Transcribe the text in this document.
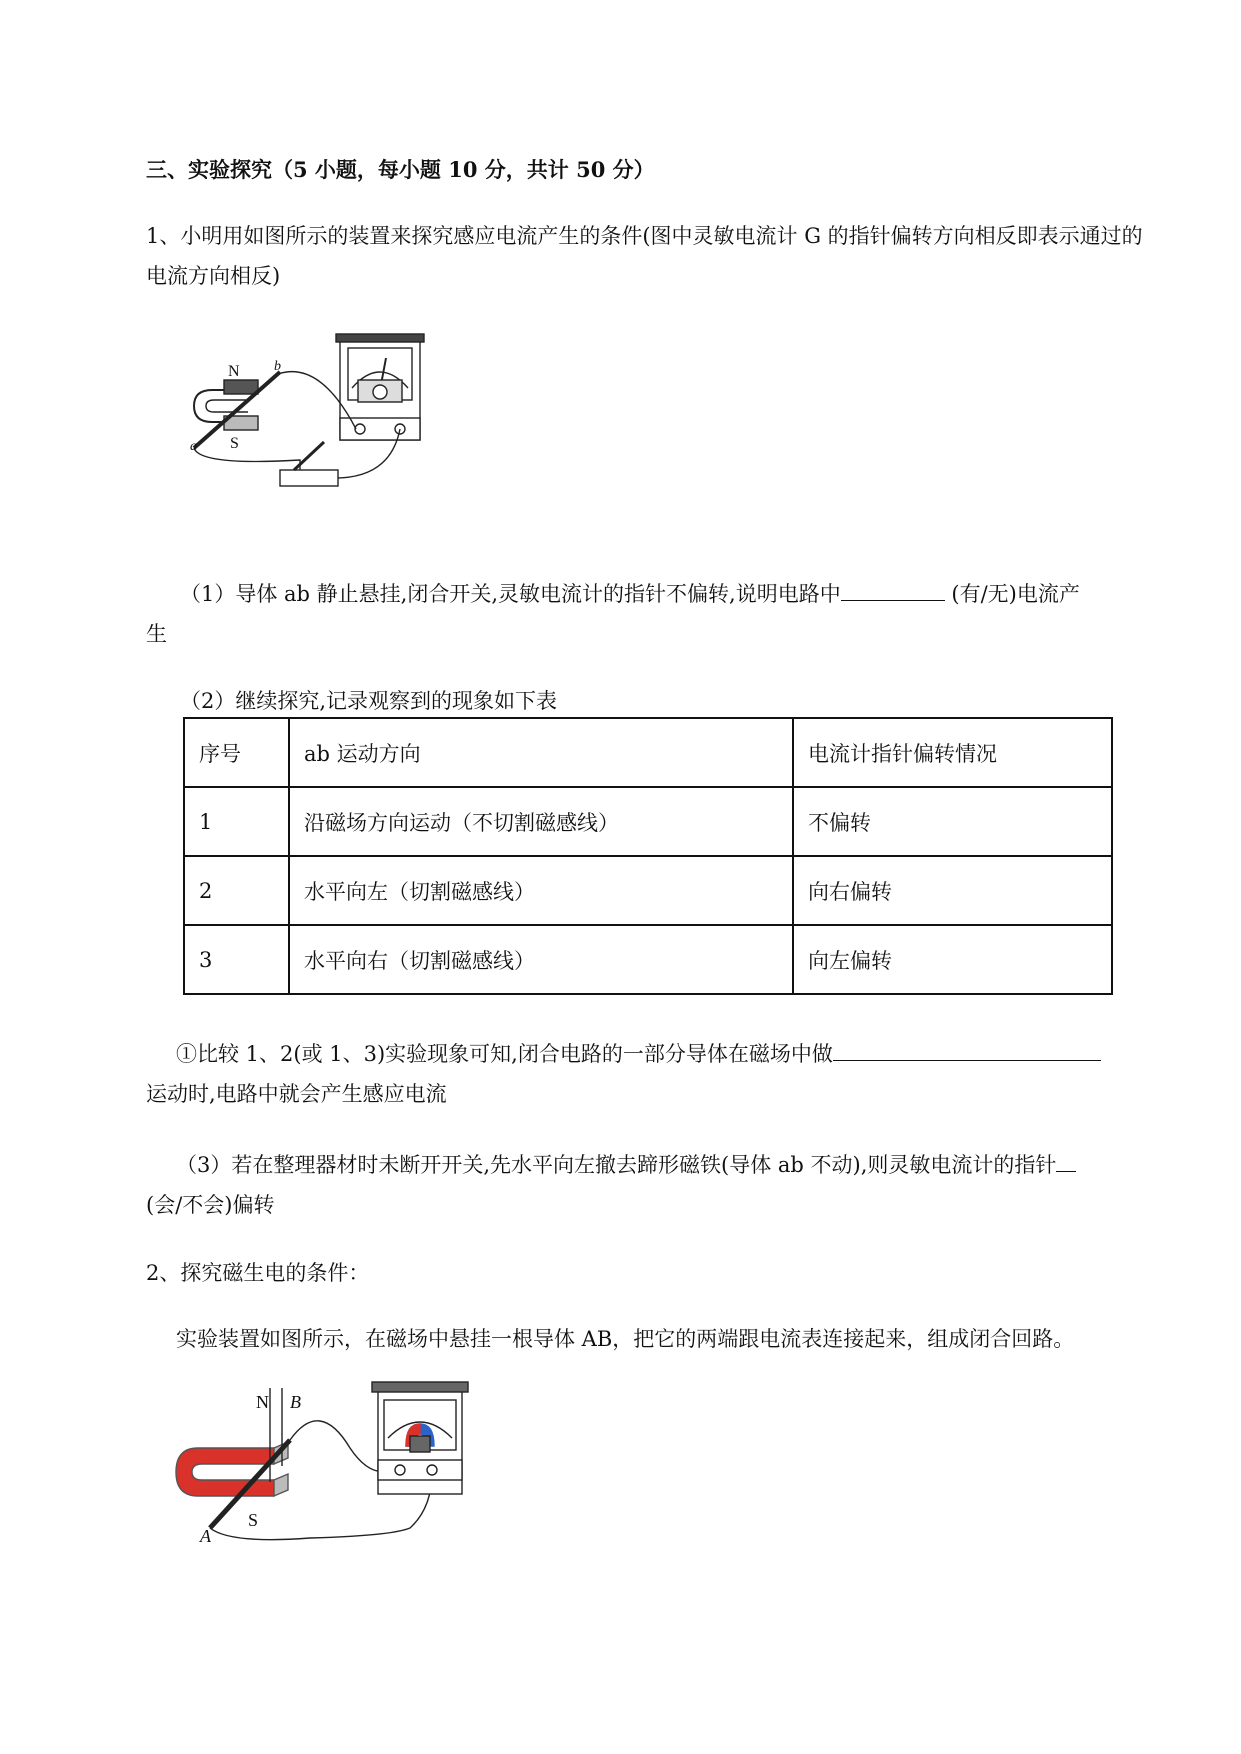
三、实验探究（5 小题，每小题 10 分，共计 50 分）
1、小明用如图所示的装置来探究感应电流产生的条件(图中灵敏电流计 G 的指针偏转方向相反即表示通过的电流方向相反)
N
S
a
b
（1）导体 ab 静止悬挂,闭合开关,灵敏电流计的指针不偏转,说明电路中	(有/无)电流产
生
（2）继续探究,记录观察到的现象如下表
序号	ab 运动方向	电流计指针偏转情况
1	沿磁场方向运动（不切割磁感线）	不偏转
2	水平向左（切割磁感线）	向右偏转
3	水平向右（切割磁感线）	向左偏转
①比较 1、2(或 1、3)实验现象可知,闭合电路的一部分导体在磁场中做
运动时,电路中就会产生感应电流
（3）若在整理器材时未断开开关,先水平向左撤去蹄形磁铁(导体 ab 不动),则灵敏电流计的指针
(会/不会)偏转
2、探究磁生电的条件：
实验装置如图所示，在磁场中悬挂一根导体 AB，把它的两端跟电流表连接起来，组成闭合回路。
N B
S
A
